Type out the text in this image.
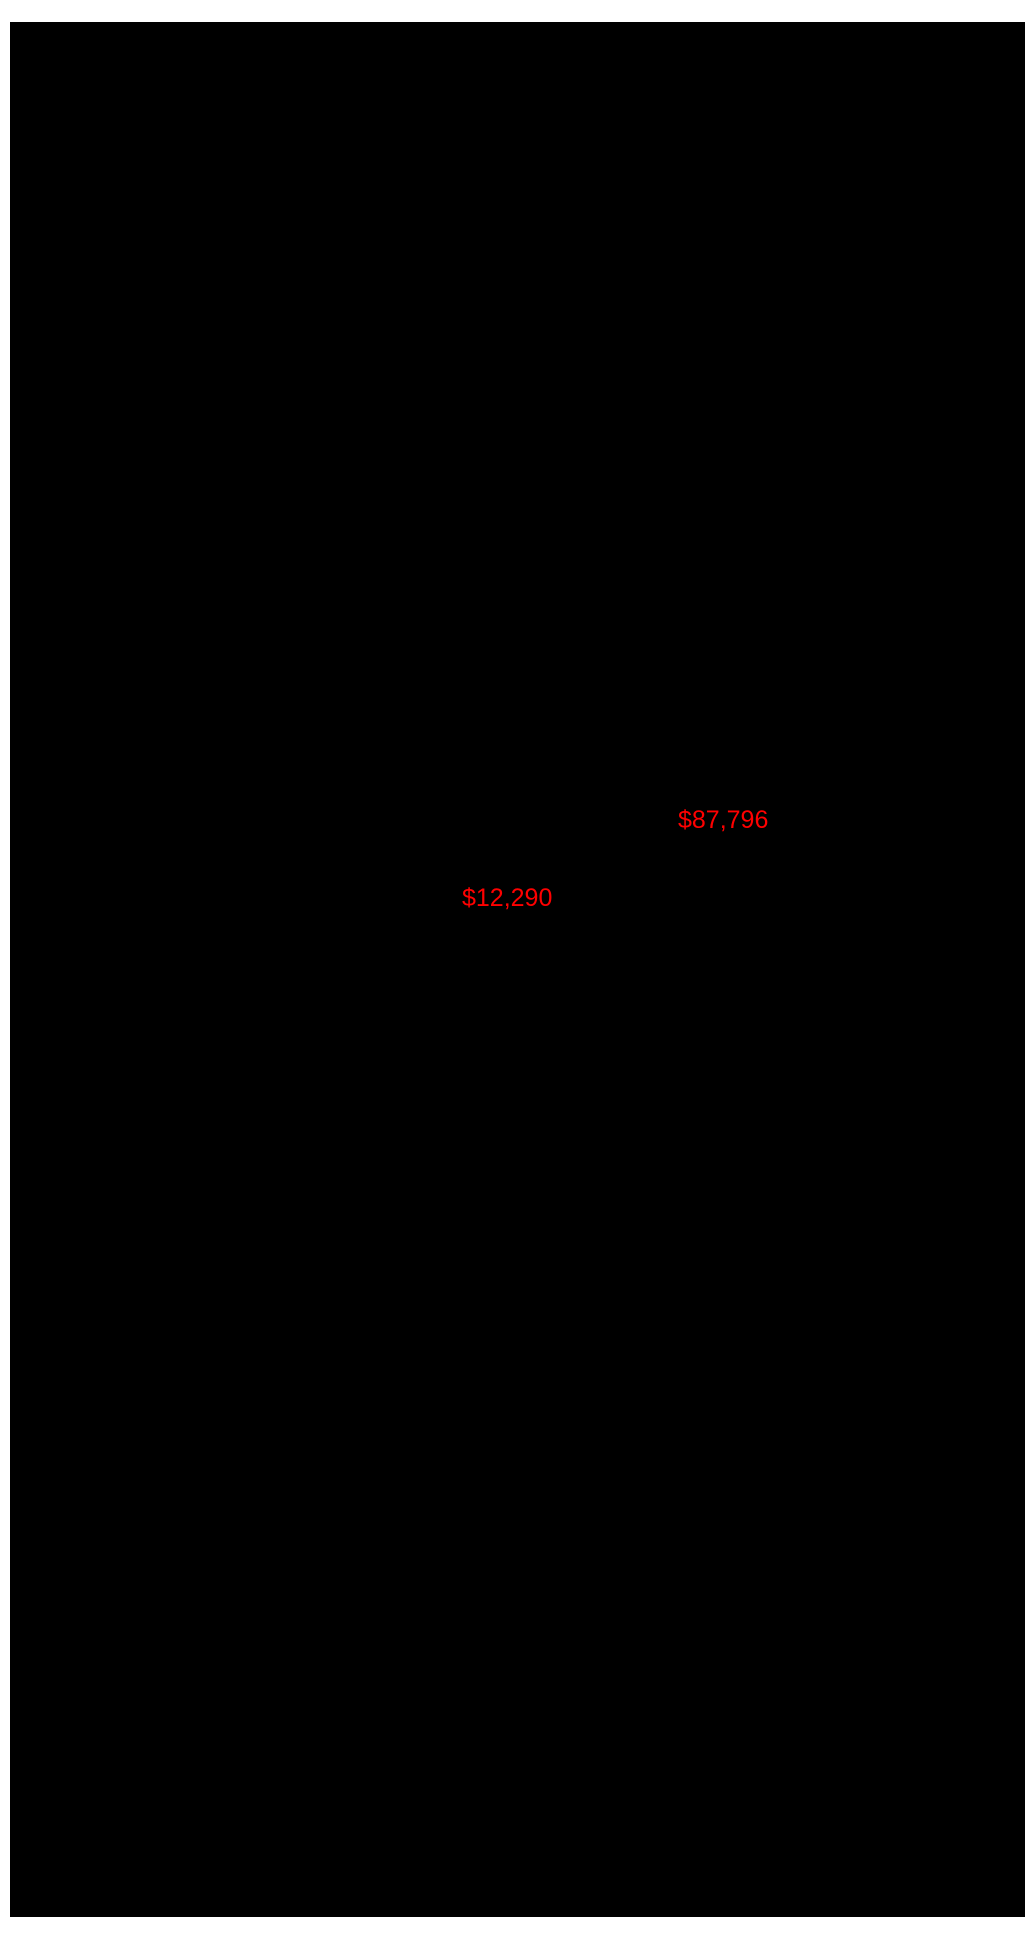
$87,796
$12,290
